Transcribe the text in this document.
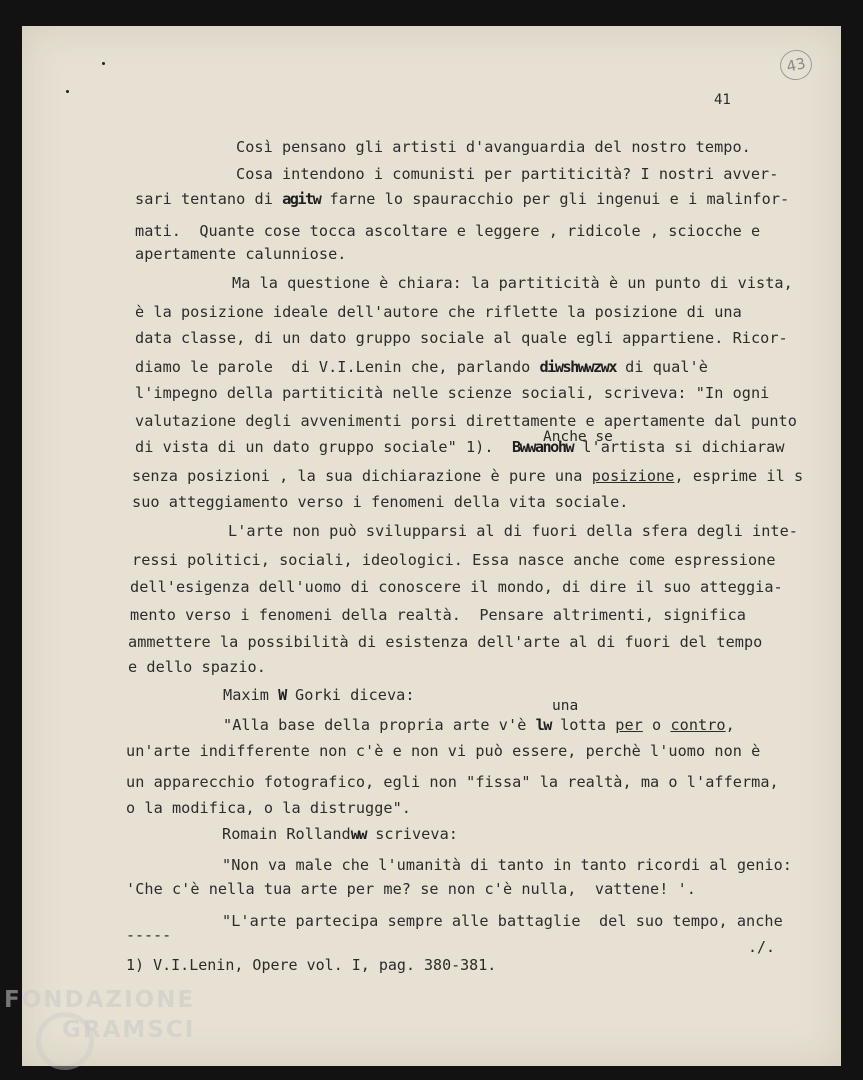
43
41
Così pensano gli artisti d'avanguardia del nostro tempo.
Cosa intendono i comunisti per partiticità? I nostri avver-
sari tentano di agitw farne lo spauracchio per gli ingenui e i malinfor-
mati.  Quante cose tocca ascoltare e leggere , ridicole , sciocche e
apertamente calunniose.
Ma la questione è chiara: la partiticità è un punto di vista,
è la posizione ideale dell'autore che riflette la posizione di una
data classe, di un dato gruppo sociale al quale egli appartiene. Ricor-
diamo le parole  di V.I.Lenin che, parlando diwshwwzwx di qual'è
l'impegno della partiticità nelle scienze sociali, scriveva: "In ogni
valutazione degli avvenimenti porsi direttamente e apertamente dal punto
Anche se
di vista di un dato gruppo sociale" 1).  Bwwanohw l'artista si dichiaraw
senza posizioni , la sua dichiarazione è pure una posizione, esprime il s
suo atteggiamento verso i fenomeni della vita sociale.
L'arte non può svilupparsi al di fuori della sfera degli inte-
ressi politici, sociali, ideologici. Essa nasce anche come espressione
dell'esigenza dell'uomo di conoscere il mondo, di dire il suo atteggia-
mento verso i fenomeni della realtà.  Pensare altrimenti, significa
ammettere la possibilità di esistenza dell'arte al di fuori del tempo
e dello spazio.
Maxim W Gorki diceva:
una
"Alla base della propria arte v'è lw lotta per o contro,
un'arte indifferente non c'è e non vi può essere, perchè l'uomo non è
un apparecchio fotografico, egli non "fissa" la realtà, ma o l'afferma,
o la modifica, o la distrugge".
Romain Rollandww scriveva:
"Non va male che l'umanità di tanto in tanto ricordi al genio:
'Che c'è nella tua arte per me? se non c'è nulla,  vattene! '.
"L'arte partecipa sempre alle battaglie  del suo tempo, anche
-----
./.
1) V.I.Lenin, Opere vol. I, pag. 380-381.
FONDAZIONE
GRAMSCI
